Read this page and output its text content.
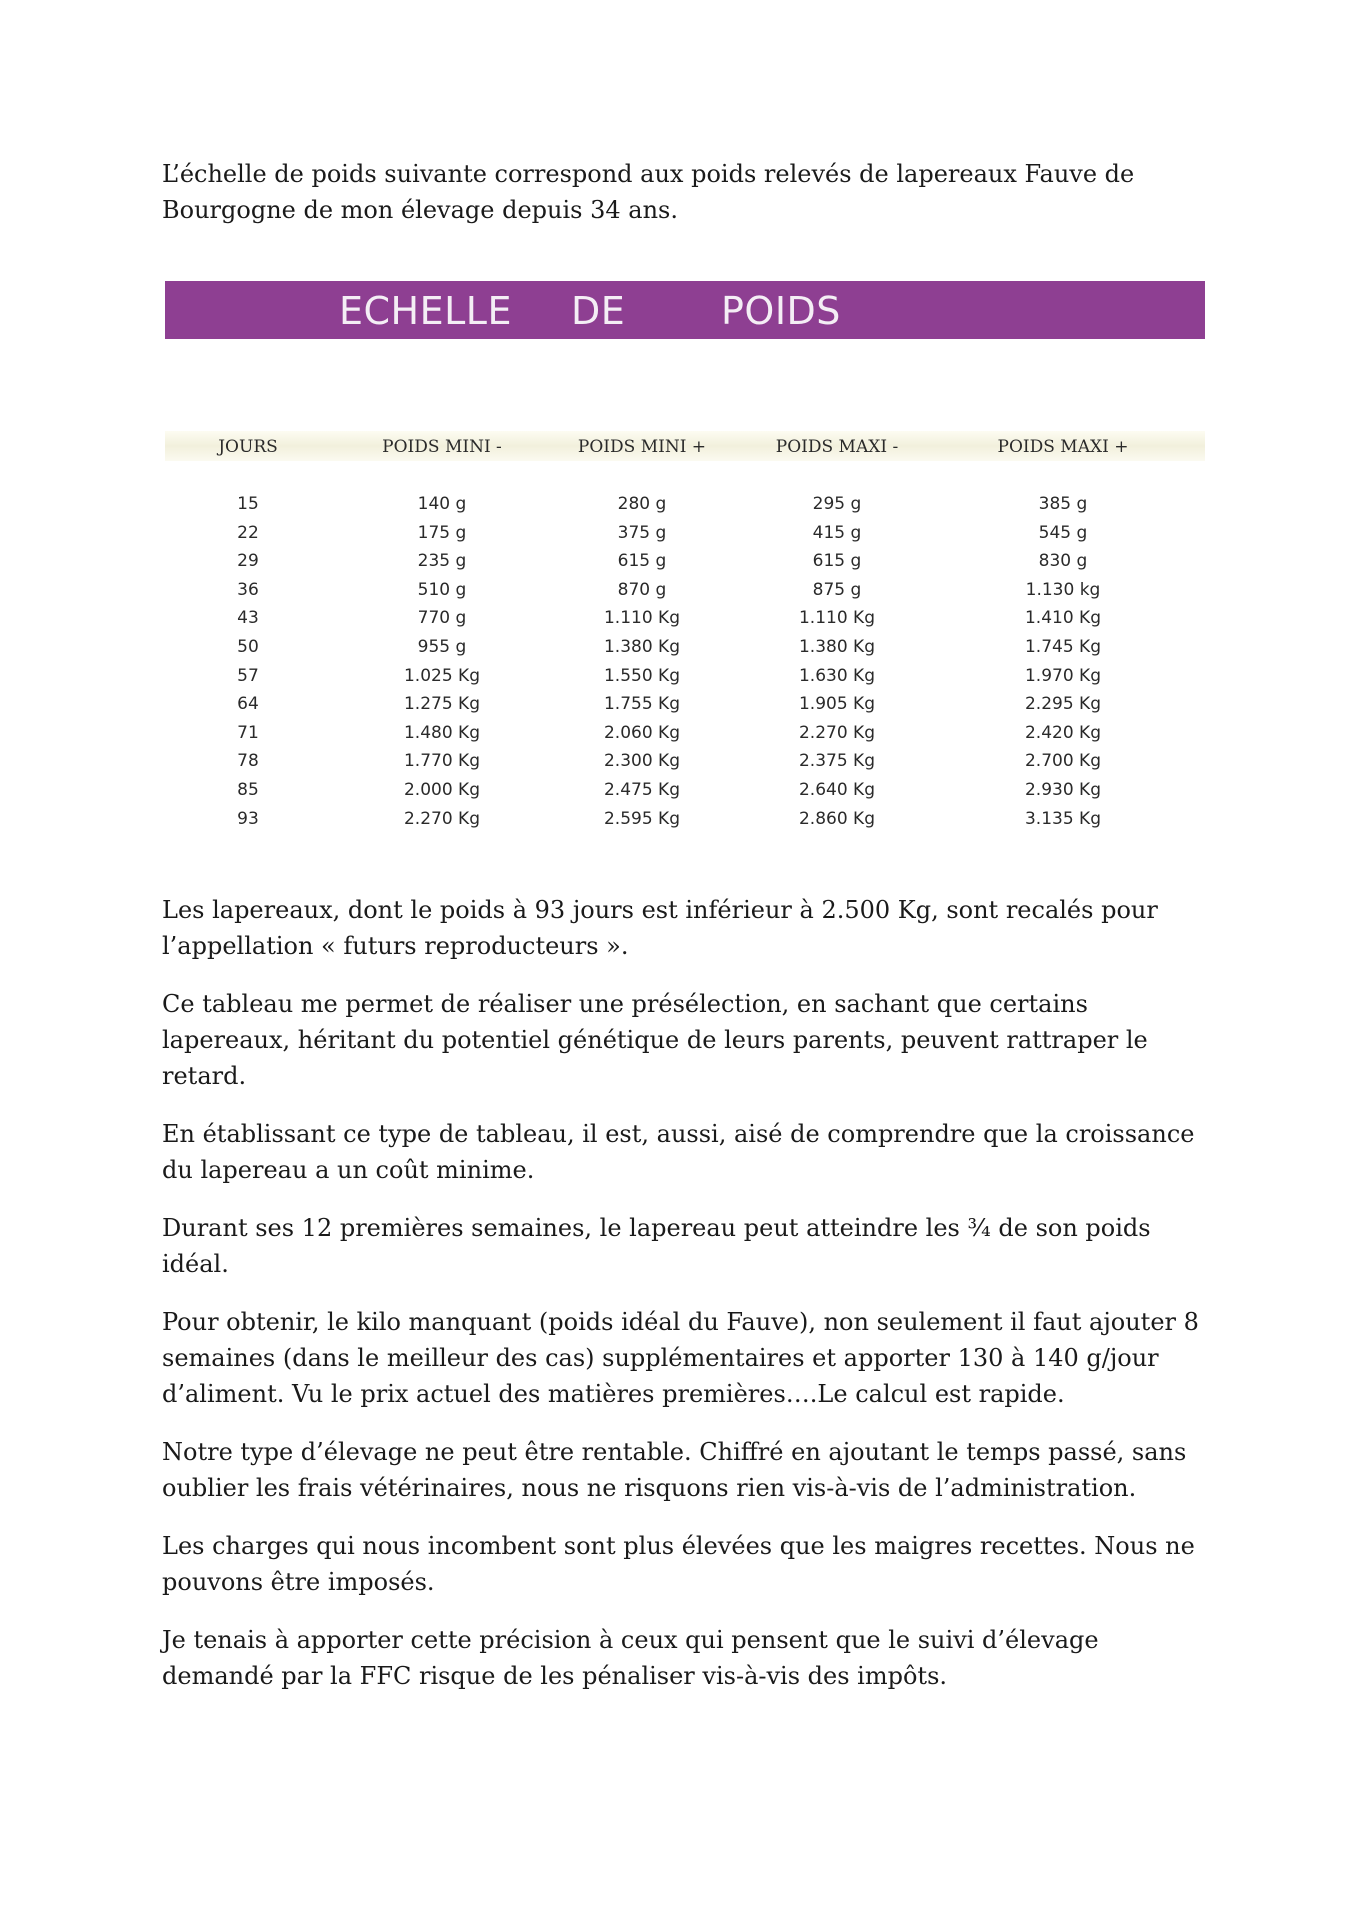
L’échelle de poids suivante correspond aux poids relevés de lapereaux Fauve de Bourgogne de mon élevage depuis 34 ans.

ECHELLE DE	POIDS
JOURS	POIDS MINI -	POIDS MINI +	POIDS MAXI -	POIDS MAXI +
15	140 g	280 g	295 g	385 g
22	175 g	375 g	415 g	545 g
29	235 g	615 g	615 g	830 g
36	510 g	870 g	875 g	1.130 kg
43	770 g	1.110 Kg	1.110 Kg	1.410 Kg
50	955 g	1.380 Kg	1.380 Kg	1.745 Kg
57	1.025 Kg	1.550 Kg	1.630 Kg	1.970 Kg
64	1.275 Kg	1.755 Kg	1.905 Kg	2.295 Kg
71	1.480 Kg	2.060 Kg	2.270 Kg	2.420 Kg
78	1.770 Kg	2.300 Kg	2.375 Kg	2.700 Kg
85	2.000 Kg	2.475 Kg	2.640 Kg	2.930 Kg
93	2.270 Kg	2.595 Kg	2.860 Kg	3.135 Kg

Les lapereaux, dont le poids à 93 jours est inférieur à 2.500 Kg, sont recalés pour l’appellation « futurs reproducteurs ».

Ce tableau me permet de réaliser une présélection, en sachant que certains lapereaux, héritant du potentiel génétique de leurs parents, peuvent rattraper le retard.

En établissant ce type de tableau, il est, aussi, aisé de comprendre que la croissance du lapereau a un coût minime.

Durant ses 12 premières semaines, le lapereau peut atteindre les ¾ de son poids idéal.

Pour obtenir, le kilo manquant (poids idéal du Fauve), non seulement il faut ajouter 8 semaines (dans le meilleur des cas) supplémentaires et apporter 130 à 140 g/jour d’aliment. Vu le prix actuel des matières premières….Le calcul est rapide.

Notre type d’élevage ne peut être rentable. Chiffré en ajoutant le temps passé, sans oublier les frais vétérinaires, nous ne risquons rien vis-à-vis de l’administration.

Les charges qui nous incombent sont plus élevées que les maigres recettes. Nous ne pouvons être imposés.

Je tenais à apporter cette précision à ceux qui pensent que le suivi d’élevage demandé par la FFC risque de les pénaliser vis-à-vis des impôts.
